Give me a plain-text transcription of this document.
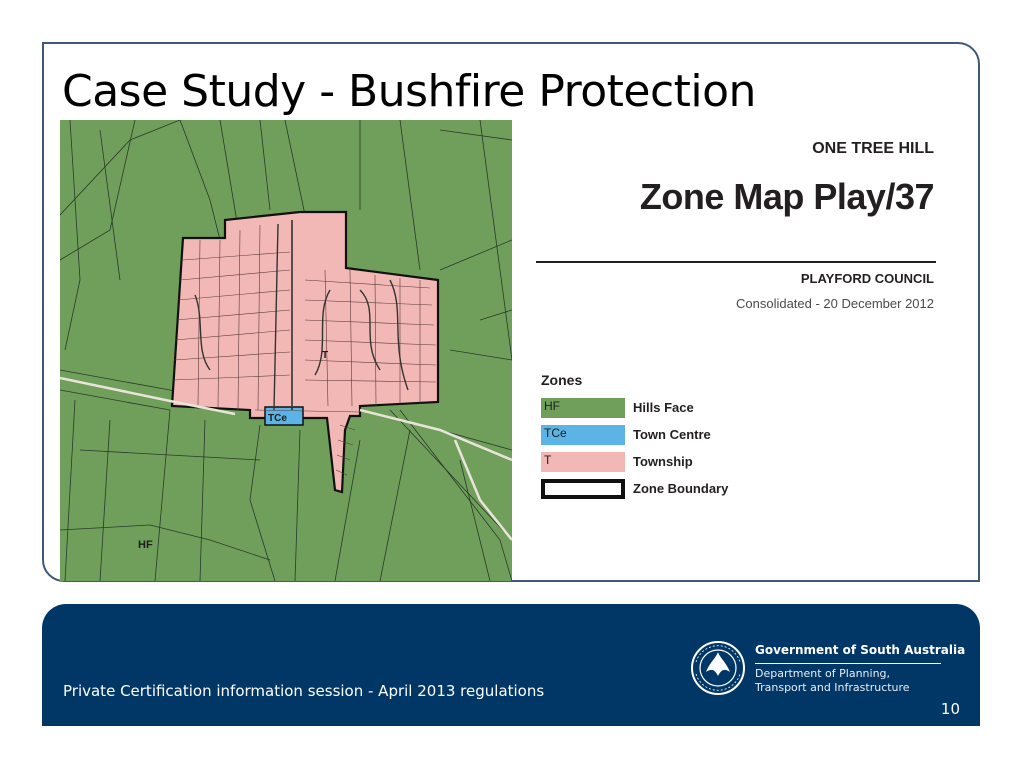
Case Study - Bushfire Protection
HF
TCe
T
ONE TREE HILL
Zone Map Play/37
PLAYFORD COUNCIL
Consolidated - 20 December 2012
Zones
HF	Hills Face
TCe	Town Centre
T	Township
Zone Boundary
Private Certification information session - April 2013 regulations
Government of South Australia
Department of Planning,
Transport and Infrastructure
10
